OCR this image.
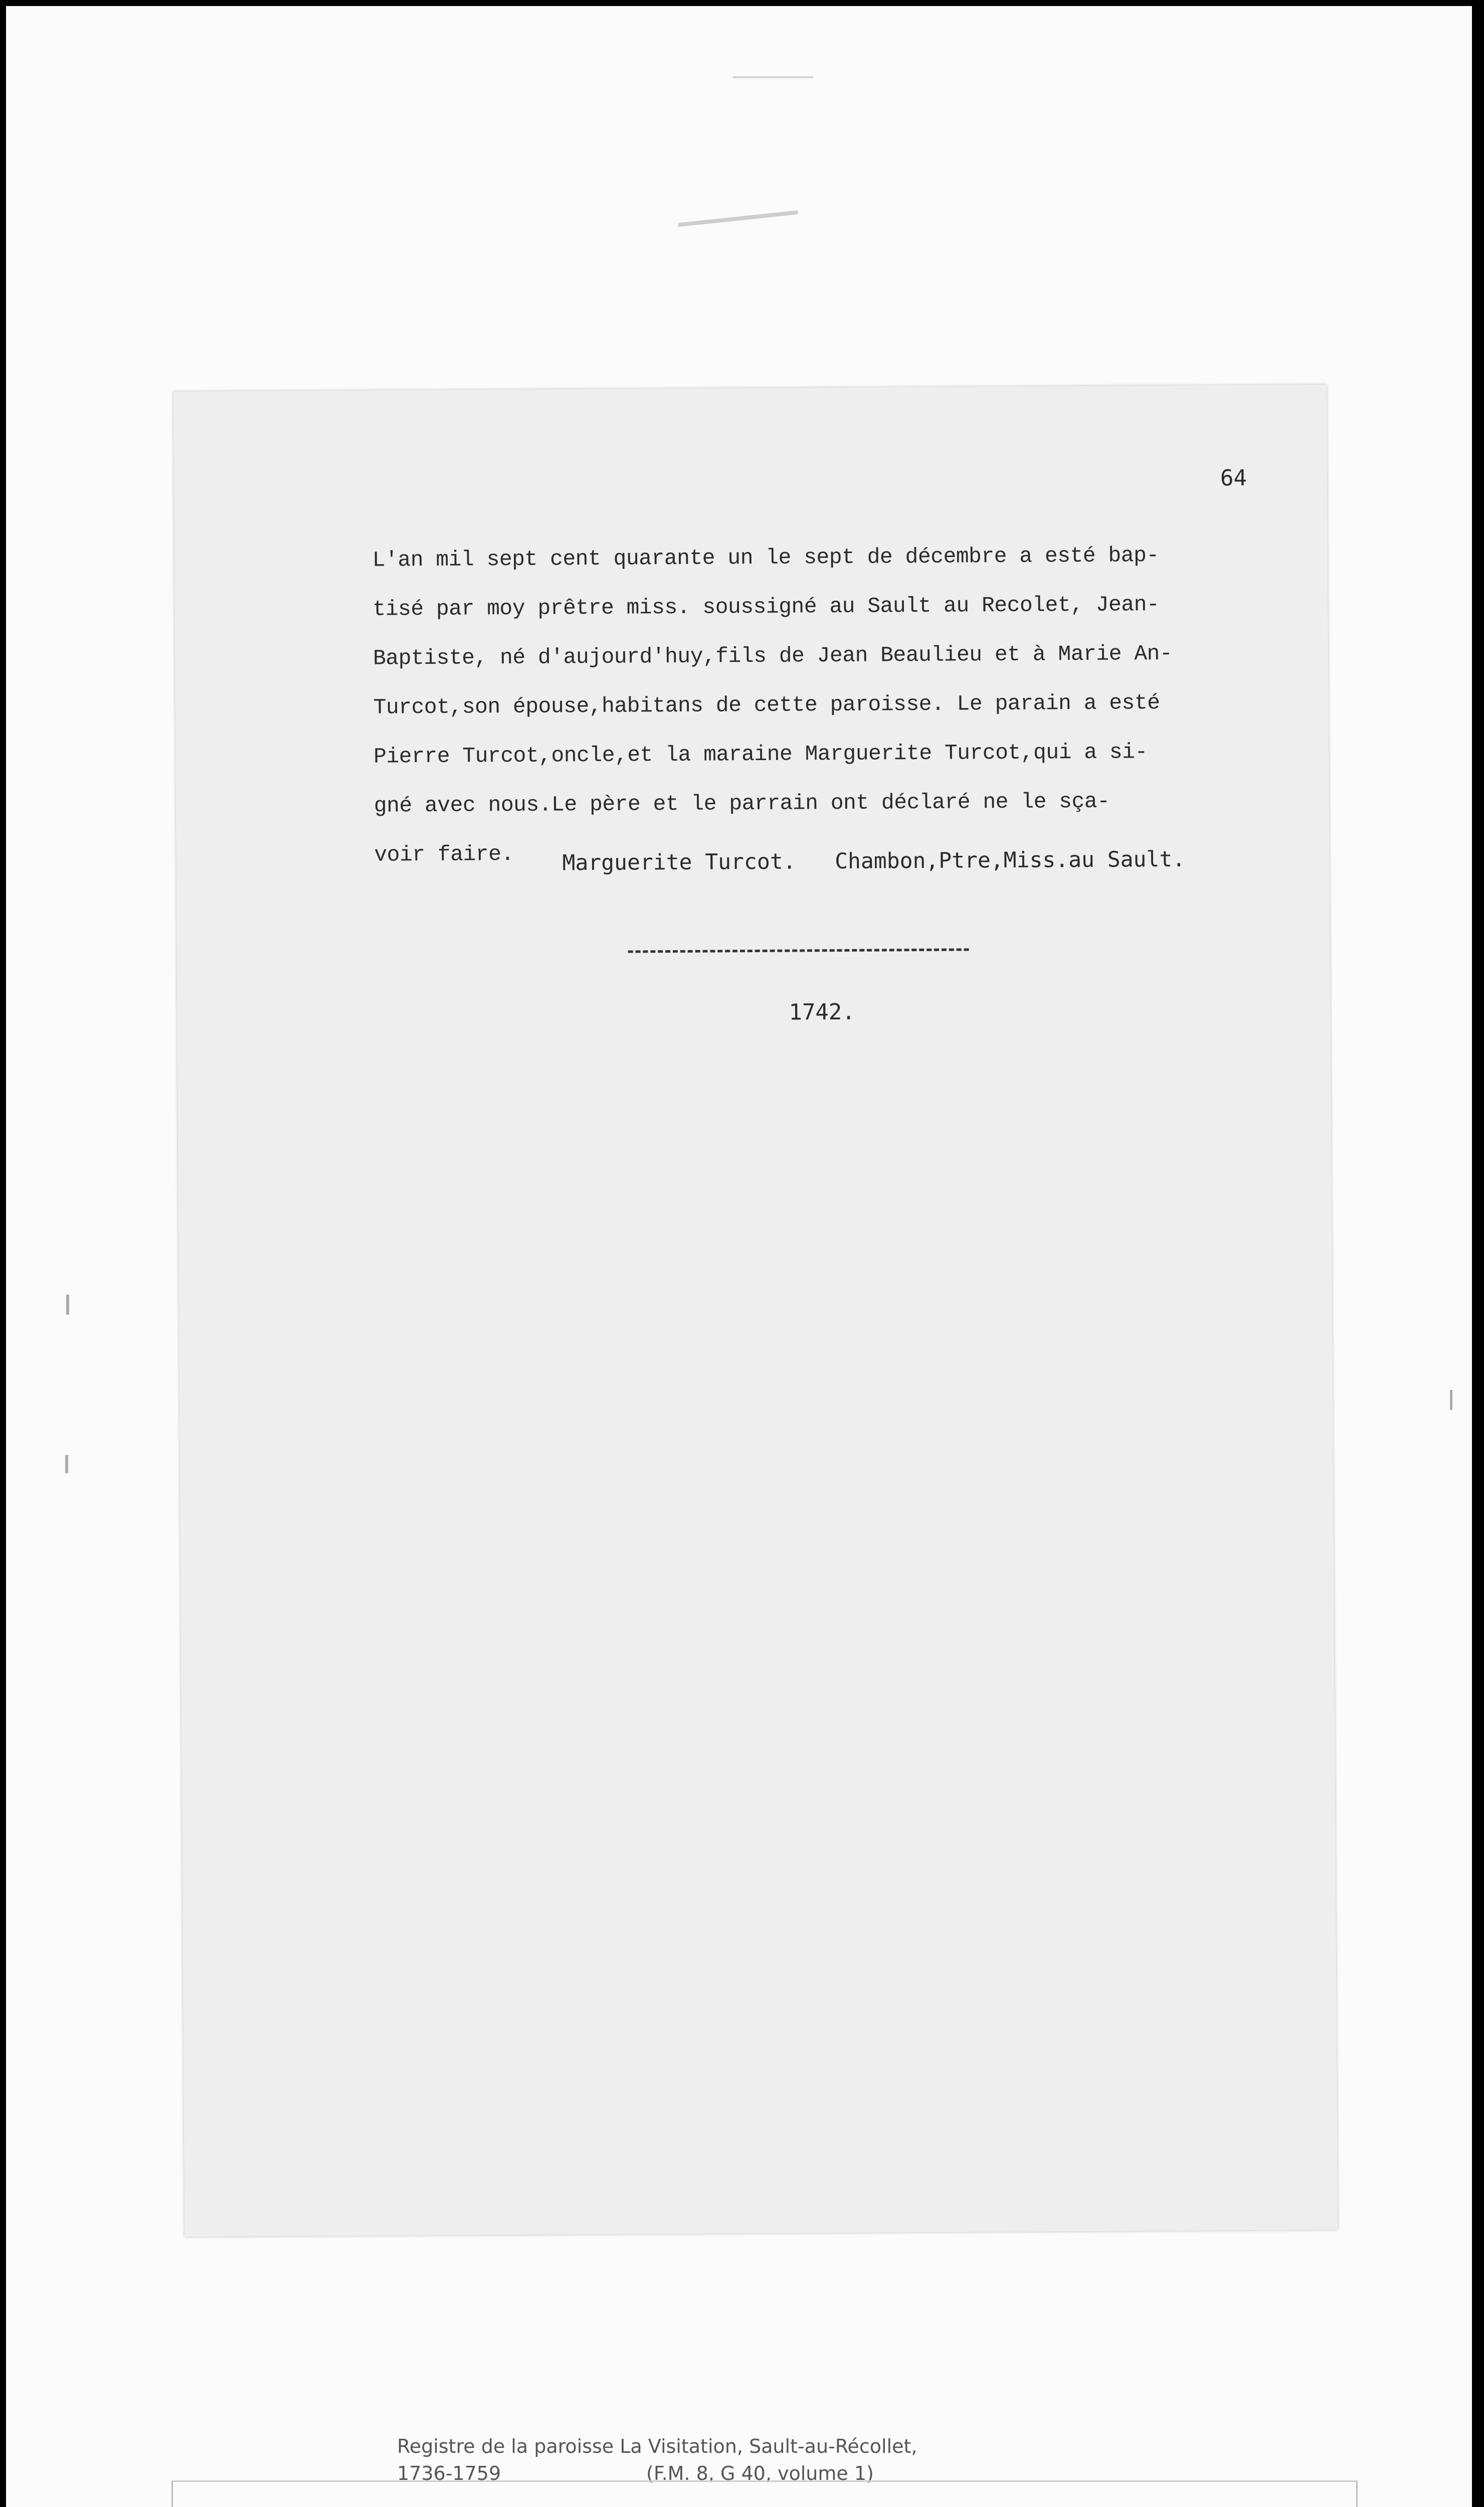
64
L'an mil sept cent quarante un le sept de décembre a esté bap-
tisé par moy prêtre miss. soussigné au Sault au Recolet, Jean-
Baptiste, né d'aujourd'huy,fils de Jean Beaulieu et à Marie An-
Turcot,son épouse,habitans de cette paroisse. Le parain a esté
Pierre Turcot,oncle,et la maraine Marguerite Turcot,qui a si-
gné avec nous.Le père et le parrain ont déclaré ne le sça-
voir faire.	Marguerite Turcot.   Chambon,Ptre,Miss.au Sault.
1742.
Registre de la paroisse La Visitation, Sault-au-Récollet,
1736-1759                        (F.M. 8, G 40, volume 1)
